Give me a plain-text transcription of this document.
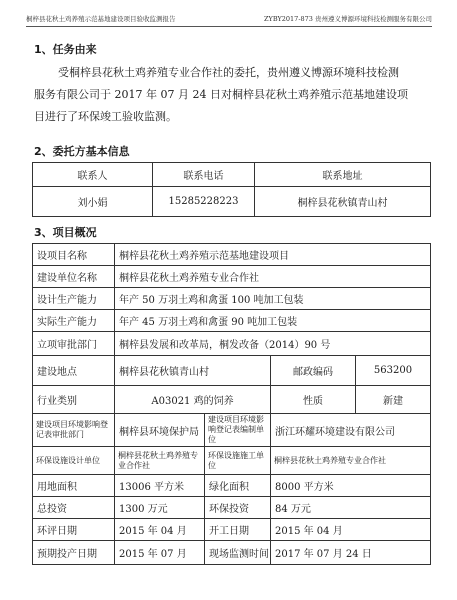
桐梓县花秋土鸡养殖示范基地建设项目验收监测报告	ZYBY2017-873 贵州遵义博源环境科技检测服务有限公司
1、任务由来
受桐梓县花秋土鸡养殖专业合作社的委托，贵州遵义博源环境科技检测
服务有限公司于 2017 年 07 月 24 日对桐梓县花秋土鸡养殖示范基地建设项
目进行了环保竣工验收监测。
2、委托方基本信息
联系人	联系电话	联系地址
刘小娟	15285228223	桐梓县花秋镇青山村
3、项目概况
设项目名称	桐梓县花秋土鸡养殖示范基地建设项目			
建设单位名称	桐梓县花秋土鸡养殖专业合作社			
设计生产能力	年产 50 万羽土鸡和禽蛋 100 吨加工包装			
实际生产能力	年产 45 万羽土鸡和禽蛋 90 吨加工包装			
立项审批部门	桐梓县发展和改革局，桐发改备（2014）90 号			
建设地点	桐梓县花秋镇青山村		邮政编码	563200
行业类别	A03021 鸡的饲养		性质	新建
建设项目环境影响登记表审批部门	桐梓县环境保护局	建设项目环境影响登记表编制单位	浙江环耀环境建设有限公司	
环保设施设计单位	桐梓县花秋土鸡养殖专业合作社	环保设施施工单位	桐梓县花秋土鸡养殖专业合作社	
用地面积	13006 平方米	绿化面积	8000 平方米	
总投资	1300 万元	环保投资	84 万元	
环评日期	2015 年 04 月	开工日期	2015 年 04 月	
预期投产日期	2015 年 07 月	现场监测时间	2017 年 07 月 24 日	
